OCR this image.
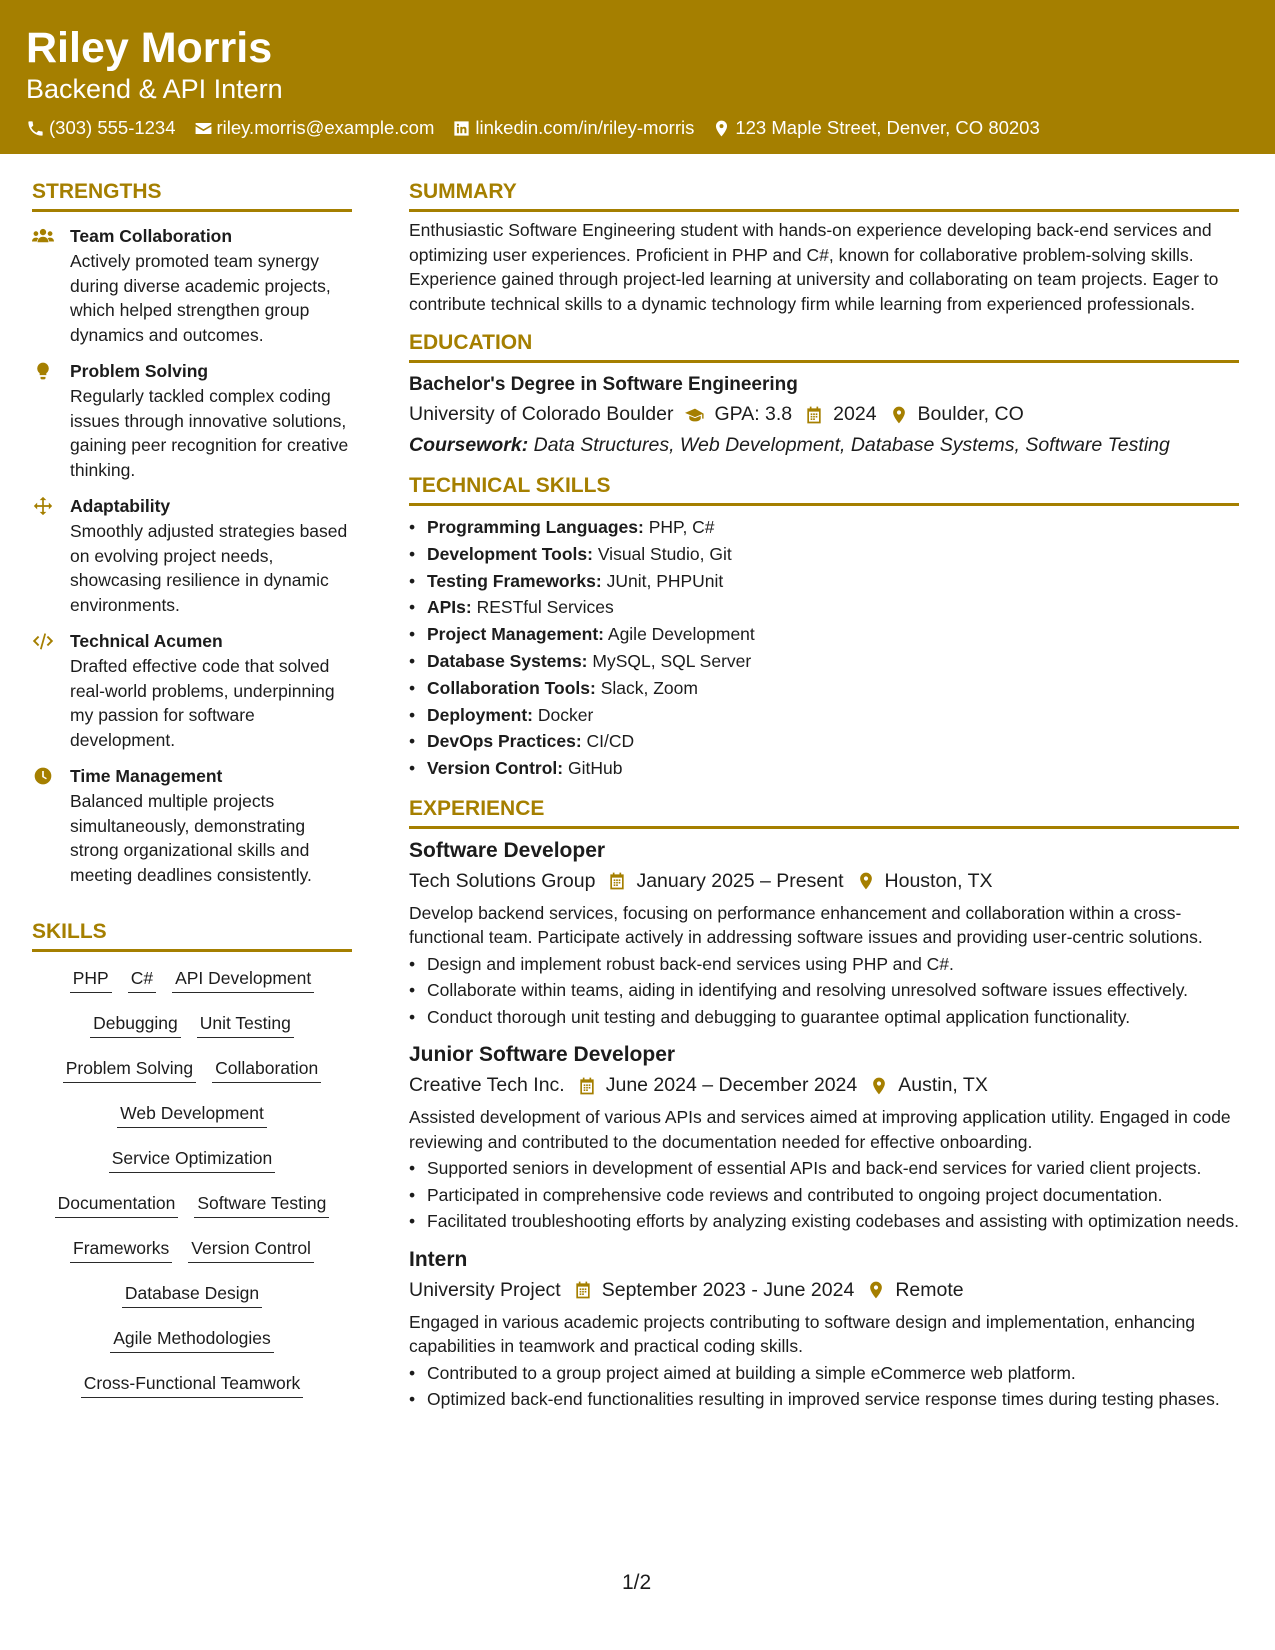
Riley Morris
Backend & API Intern
(303) 555-1234 riley.morris@example.com linkedin.com/in/riley-morris 123 Maple Street, Denver, CO 80203
STRENGTHS
Team Collaboration
Actively promoted team synergy during diverse academic projects, which helped strengthen group dynamics and outcomes.
Problem Solving
Regularly tackled complex coding issues through innovative solutions, gaining peer recognition for creative thinking.
Adaptability
Smoothly adjusted strategies based on evolving project needs, showcasing resilience in dynamic environments.
Technical Acumen
Drafted effective code that solved real-world problems, underpinning my passion for software development.
Time Management
Balanced multiple projects simultaneously, demonstrating strong organizational skills and meeting deadlines consistently.
SKILLS
PHP C# API Development
Debugging Unit Testing
Problem Solving Collaboration
Web Development
Service Optimization
Documentation Software Testing
Frameworks Version Control
Database Design
Agile Methodologies
Cross-Functional Teamwork
SUMMARY
Enthusiastic Software Engineering student with hands-on experience developing back-end services and optimizing user experiences. Proficient in PHP and C#, known for collaborative problem-solving skills. Experience gained through project-led learning at university and collaborating on team projects. Eager to contribute technical skills to a dynamic technology firm while learning from experienced professionals.
EDUCATION
Bachelor's Degree in Software Engineering
University of Colorado Boulder GPA: 3.8 2024 Boulder, CO
Coursework: Data Structures, Web Development, Database Systems, Software Testing
TECHNICAL SKILLS
• Programming Languages: PHP, C#
• Development Tools: Visual Studio, Git
• Testing Frameworks: JUnit, PHPUnit
• APIs: RESTful Services
• Project Management: Agile Development
• Database Systems: MySQL, SQL Server
• Collaboration Tools: Slack, Zoom
• Deployment: Docker
• DevOps Practices: CI/CD
• Version Control: GitHub
EXPERIENCE
Software Developer
Tech Solutions Group January 2025 – Present Houston, TX
Develop backend services, focusing on performance enhancement and collaboration within a cross-functional team. Participate actively in addressing software issues and providing user-centric solutions.
• Design and implement robust back-end services using PHP and C#.
• Collaborate within teams, aiding in identifying and resolving unresolved software issues effectively.
• Conduct thorough unit testing and debugging to guarantee optimal application functionality.
Junior Software Developer
Creative Tech Inc. June 2024 – December 2024 Austin, TX
Assisted development of various APIs and services aimed at improving application utility. Engaged in code reviewing and contributed to the documentation needed for effective onboarding.
• Supported seniors in development of essential APIs and back-end services for varied client projects.
• Participated in comprehensive code reviews and contributed to ongoing project documentation.
• Facilitated troubleshooting efforts by analyzing existing codebases and assisting with optimization needs.
Intern
University Project September 2023 - June 2024 Remote
Engaged in various academic projects contributing to software design and implementation, enhancing capabilities in teamwork and practical coding skills.
• Contributed to a group project aimed at building a simple eCommerce web platform.
• Optimized back-end functionalities resulting in improved service response times during testing phases.
1/2
